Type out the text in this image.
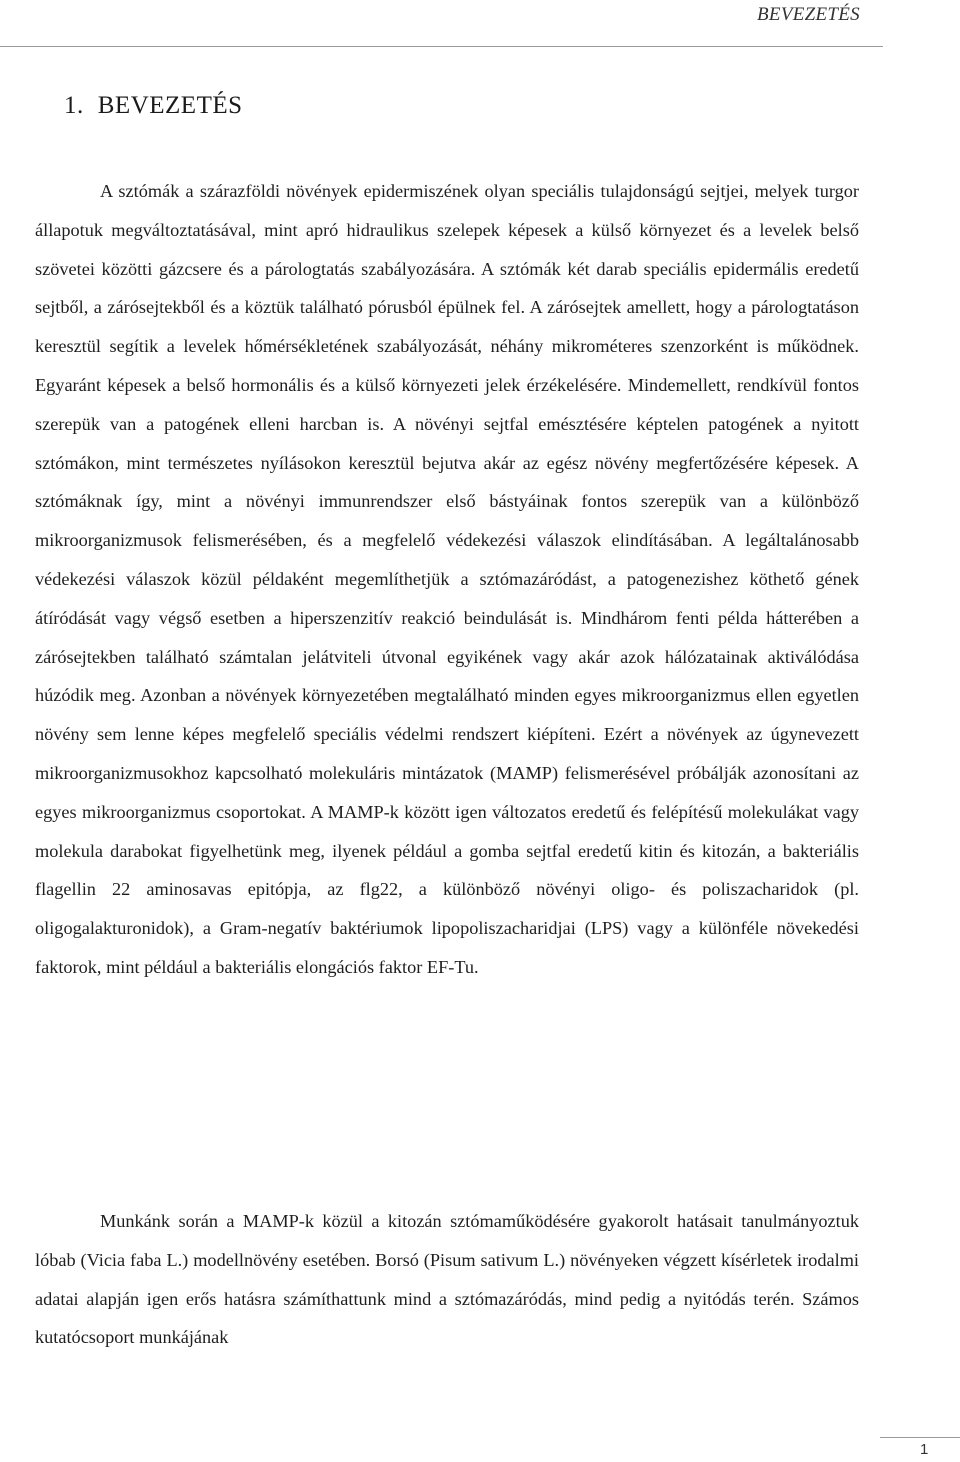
BEVEZETÉS
1. BEVEZETÉS

A sztómák a szárazföldi növények epidermiszének olyan speciális tulajdonságú sejtjei, melyek turgor állapotuk megváltoztatásával, mint apró hidraulikus szelepek képesek a külső környezet és a levelek belső szövetei közötti gázcsere és a párologtatás szabályozására. A sztómák két darab speciális epidermális eredetű sejtből, a zárósejtekből és a köztük található pórusból épülnek fel. A zárósejtek amellett, hogy a párologtatáson keresztül segítik a levelek hőmérsékletének szabályozását, néhány mikrométeres szenzorként is működnek. Egyaránt képesek a belső hormonális és a külső környezeti jelek érzékelésére. Mindemellett, rendkívül fontos szerepük van a patogének elleni harcban is. A növényi sejtfal emésztésére képtelen patogének a nyitott sztómákon, mint természetes nyílásokon keresztül bejutva akár az egész növény megfertőzésére képesek. A sztómáknak így, mint a növényi immunrendszer első bástyáinak fontos szerepük van a különböző mikroorganizmusok felismerésében, és a megfelelő védekezési válaszok elindításában. A legáltalánosabb védekezési válaszok közül példaként megemlíthetjük a sztómazáródást, a patogenezishez köthető gének átíródását vagy végső esetben a hiperszenzitív reakció beindulását is. Mindhárom fenti példa hátterében a zárósejtekben található számtalan jelátviteli útvonal egyikének vagy akár azok hálózatainak aktiválódása húzódik meg. Azonban a növények környezetében megtalálható minden egyes mikroorganizmus ellen egyetlen növény sem lenne képes megfelelő speciális védelmi rendszert kiépíteni. Ezért a növények az úgynevezett mikroorganizmusokhoz kapcsolható molekuláris mintázatok (MAMP) felismerésével próbálják azonosítani az egyes mikroorganizmus csoportokat. A MAMP-k között igen változatos eredetű és felépítésű molekulákat vagy molekula darabokat figyelhetünk meg, ilyenek például a gomba sejtfal eredetű kitin és kitozán, a bakteriális flagellin 22 aminosavas epitópja, az flg22, a különböző növényi oligo- és poliszacharidok (pl. oligogalakturonidok), a Gram-negatív baktériumok lipopoliszacharidjai (LPS) vagy a különféle növekedési faktorok, mint például a bakteriális elongációs faktor EF-Tu.

Munkánk során a MAMP-k közül a kitozán sztómaműködésére gyakorolt hatásait tanulmányoztuk lóbab (Vicia faba L.) modellnövény esetében. Borsó (Pisum sativum L.) növényeken végzett kísérletek irodalmi adatai alapján igen erős hatásra számíthattunk mind a sztómazáródás, mind pedig a nyitódás terén. Számos kutatócsoport munkájának

1
